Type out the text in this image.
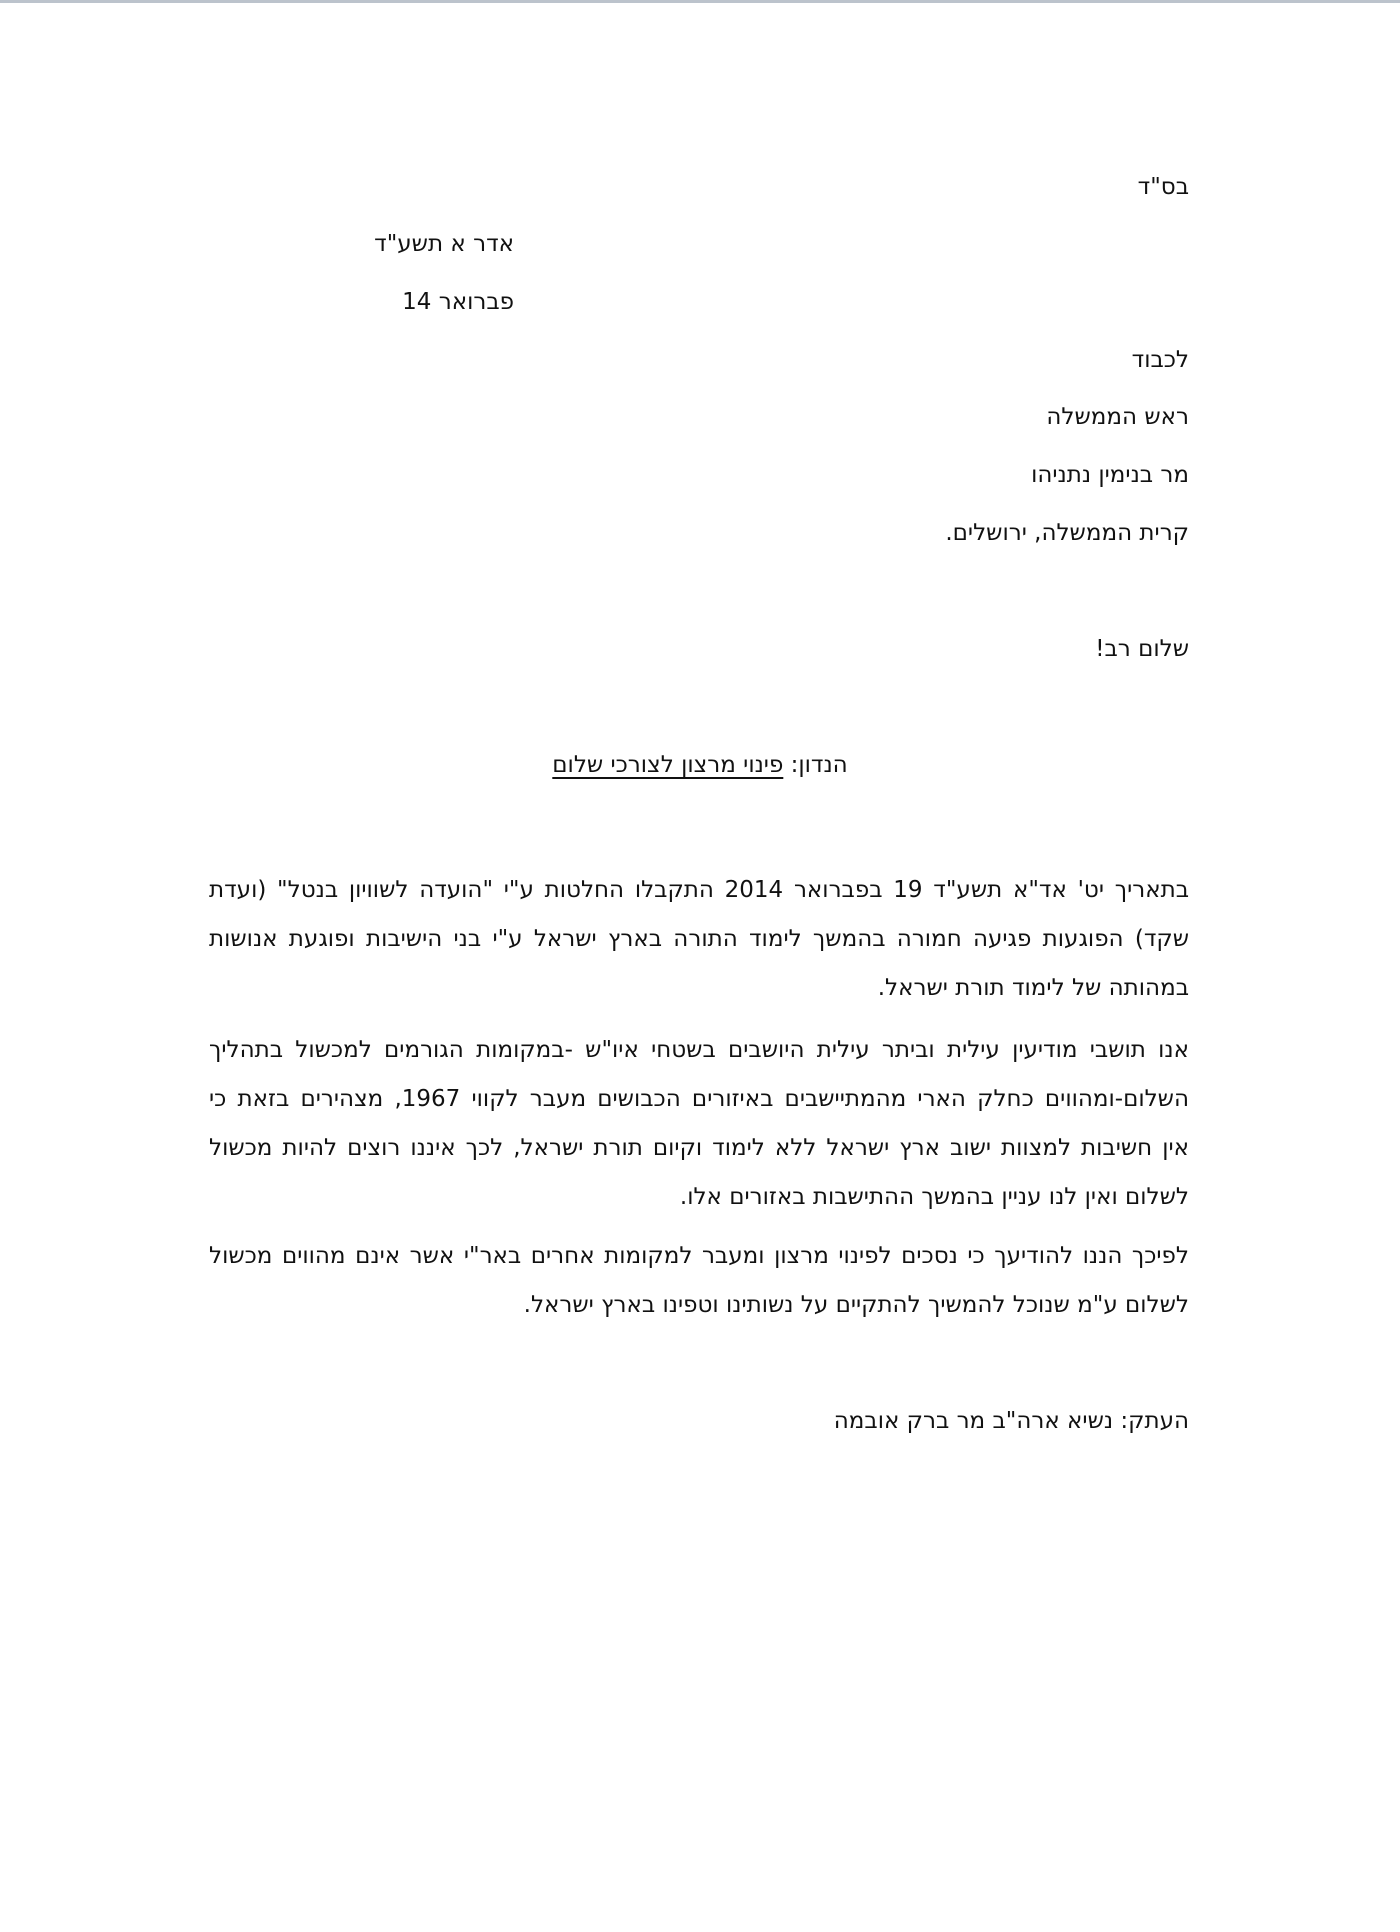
בס"ד
אדר א תשע"ד
פברואר 14
לכבוד
ראש הממשלה
מר בנימין נתניהו
קרית הממשלה, ירושלים.
שלום רב!
הנדון: פינוי מרצון לצורכי שלום
בתאריך יט' אד"א תשע"ד 19 בפברואר 2014 התקבלו החלטות ע"י "הועדה לשוויון בנטל" (ועדת
שקד) הפוגעות פגיעה חמורה בהמשך לימוד התורה בארץ ישראל ע"י בני הישיבות ופוגעת אנושות
במהותה של לימוד תורת ישראל.
אנו תושבי מודיעין עילית וביתר עילית היושבים בשטחי איו"ש -במקומות הגורמים למכשול בתהליך
השלום-ומהווים כחלק הארי מהמתיישבים באיזורים הכבושים מעבר לקווי 1967, מצהירים בזאת כי
אין חשיבות למצוות ישוב ארץ ישראל ללא לימוד וקיום תורת ישראל, לכך איננו רוצים להיות מכשול
לשלום ואין לנו עניין בהמשך ההתישבות באזורים אלו.
לפיכך הננו להודיעך כי נסכים לפינוי מרצון ומעבר למקומות אחרים באר"י אשר אינם מהווים מכשול
לשלום ע"מ שנוכל להמשיך להתקיים על נשותינו וטפינו בארץ ישראל.
העתק: נשיא ארה"ב מר ברק אובמה
